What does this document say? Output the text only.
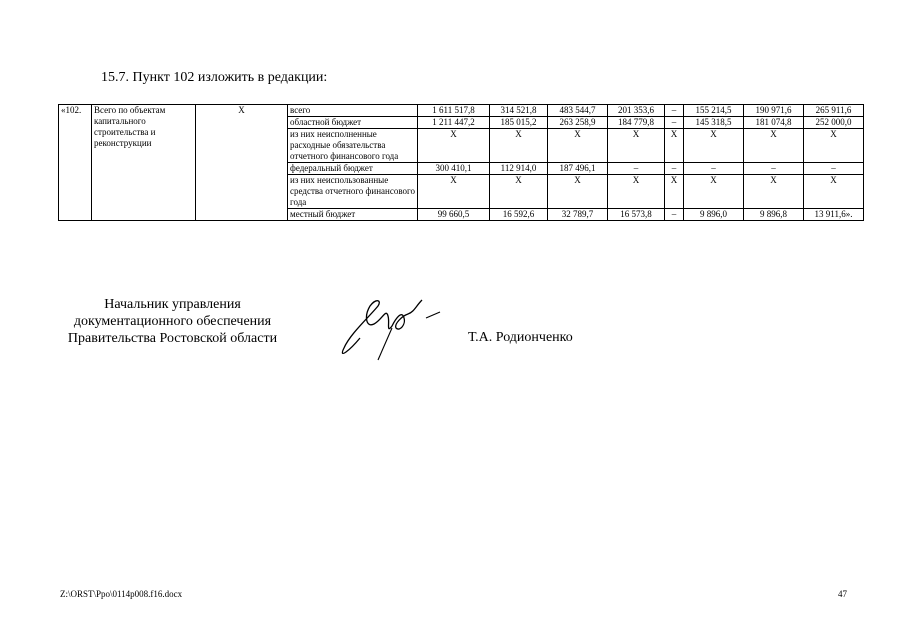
15.7. Пункт 102 изложить в редакции:
«102.	Всего по объектам капитального строительства и реконструкции	Х	всего	1 611 517,8	314 521,8	483 544,7	201 353,6	–	155 214,5	190 971,6	265 911,6
			областной бюджет	1 211 447,2	185 015,2	263 258,9	184 779,8	–	145 318,5	181 074,8	252 000,0
			из них неисполненные расходные обязательства отчетного финансового года	Х	Х	Х	Х	Х	Х	Х	Х
			федеральный бюджет	300 410,1	112 914,0	187 496,1	–	–	–	–	–
			из них неиспользованные средства отчетного финансового года	Х	Х	Х	Х	Х	Х	Х	Х
			местный бюджет	99 660,5	16 592,6	32 789,7	16 573,8	–	9 896,0	9 896,8	13 911,6».
Начальник управления
документационного обеспечения
Правительства Ростовской области	Т.А. Родионченко
Z:\ORST\Ppo\0114p008.f16.docx	47
